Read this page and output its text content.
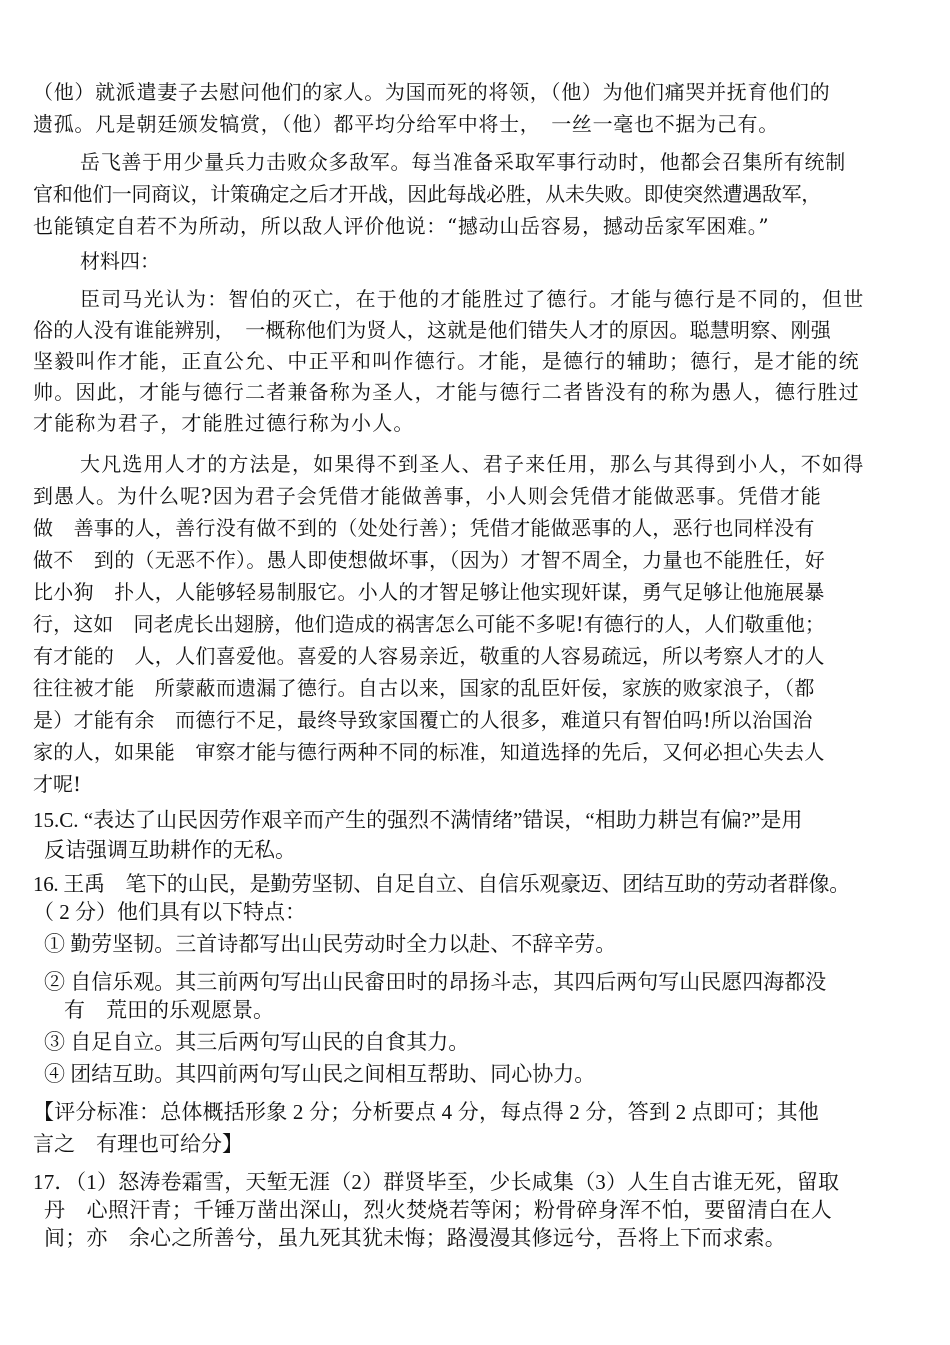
（他）就派遣妻子去慰问他们的家人。为国而死的将领，（他）为他们痛哭并抚育他们的

遗孤。凡是朝廷颁发犒赏，（他）都平均分给军中将士，　一丝一毫也不据为己有。

岳飞善于用少量兵力击败众多敌军。每当准备采取军事行动时，他都会召集所有统制

官和他们一同商议，计策确定之后才开战，因此每战必胜，从未失败。即使突然遭遇敌军，

也能镇定自若不为所动，所以敌人评价他说：“撼动山岳容易，撼动岳家军困难。”

材料四：

臣司马光认为：智伯的灭亡，在于他的才能胜过了德行。才能与德行是不同的，但世

俗的人没有谁能辨别，　一概称他们为贤人，这就是他们错失人才的原因。聪慧明察、刚强

坚毅叫作才能，正直公允、中正平和叫作德行。才能，是德行的辅助；德行，是才能的统

帅。因此，才能与德行二者兼备称为圣人，才能与德行二者皆没有的称为愚人，德行胜过

才能称为君子，才能胜过德行称为小人。

大凡选用人才的方法是，如果得不到圣人、君子来任用，那么与其得到小人，不如得

到愚人。为什么呢?因为君子会凭借才能做善事，小人则会凭借才能做恶事。凭借才能

做　善事的人，善行没有做不到的（处处行善）；凭借才能做恶事的人，恶行也同样没有

做不　到的（无恶不作）。愚人即使想做坏事，（因为）才智不周全，力量也不能胜任，好

比小狗　扑人，人能够轻易制服它。小人的才智足够让他实现奸谋，勇气足够让他施展暴

行，这如　同老虎长出翅膀，他们造成的祸害怎么可能不多呢!有德行的人，人们敬重他；

有才能的　人，人们喜爱他。喜爱的人容易亲近，敬重的人容易疏远，所以考察人才的人

往往被才能　所蒙蔽而遗漏了德行。自古以来，国家的乱臣奸佞，家族的败家浪子，（都

是）才能有余　而德行不足，最终导致家国覆亡的人很多，难道只有智伯吗!所以治国治

家的人，如果能　审察才能与德行两种不同的标准，知道选择的先后，又何必担心失去人

才呢!

15.C. “表达了山民因劳作艰辛而产生的强烈不满情绪”错误，“相助力耕岂有偏?”是用

反诘强调互助耕作的无私。

16. 王禹　笔下的山民，是勤劳坚韧、自足自立、自信乐观豪迈、团结互助的劳动者群像。

（ 2 分）他们具有以下特点：

① 勤劳坚韧。三首诗都写出山民劳动时全力以赴、不辞辛劳。

② 自信乐观。其三前两句写出山民畲田时的昂扬斗志，其四后两句写山民愿四海都没

有　荒田的乐观愿景。

③ 自足自立。其三后两句写山民的自食其力。

④ 团结互助。其四前两句写山民之间相互帮助、同心协力。

【评分标准：总体概括形象 2 分；分析要点 4 分，每点得 2 分，答到 2 点即可；其他

言之　有理也可给分】

17．（1）怒涛卷霜雪，天堑无涯（2）群贤毕至，少长咸集（3）人生自古谁无死，留取

丹　心照汗青；千锤万凿出深山，烈火焚烧若等闲；粉骨碎身浑不怕，要留清白在人

间；亦　余心之所善兮，虽九死其犹未悔；路漫漫其修远兮，吾将上下而求索。
